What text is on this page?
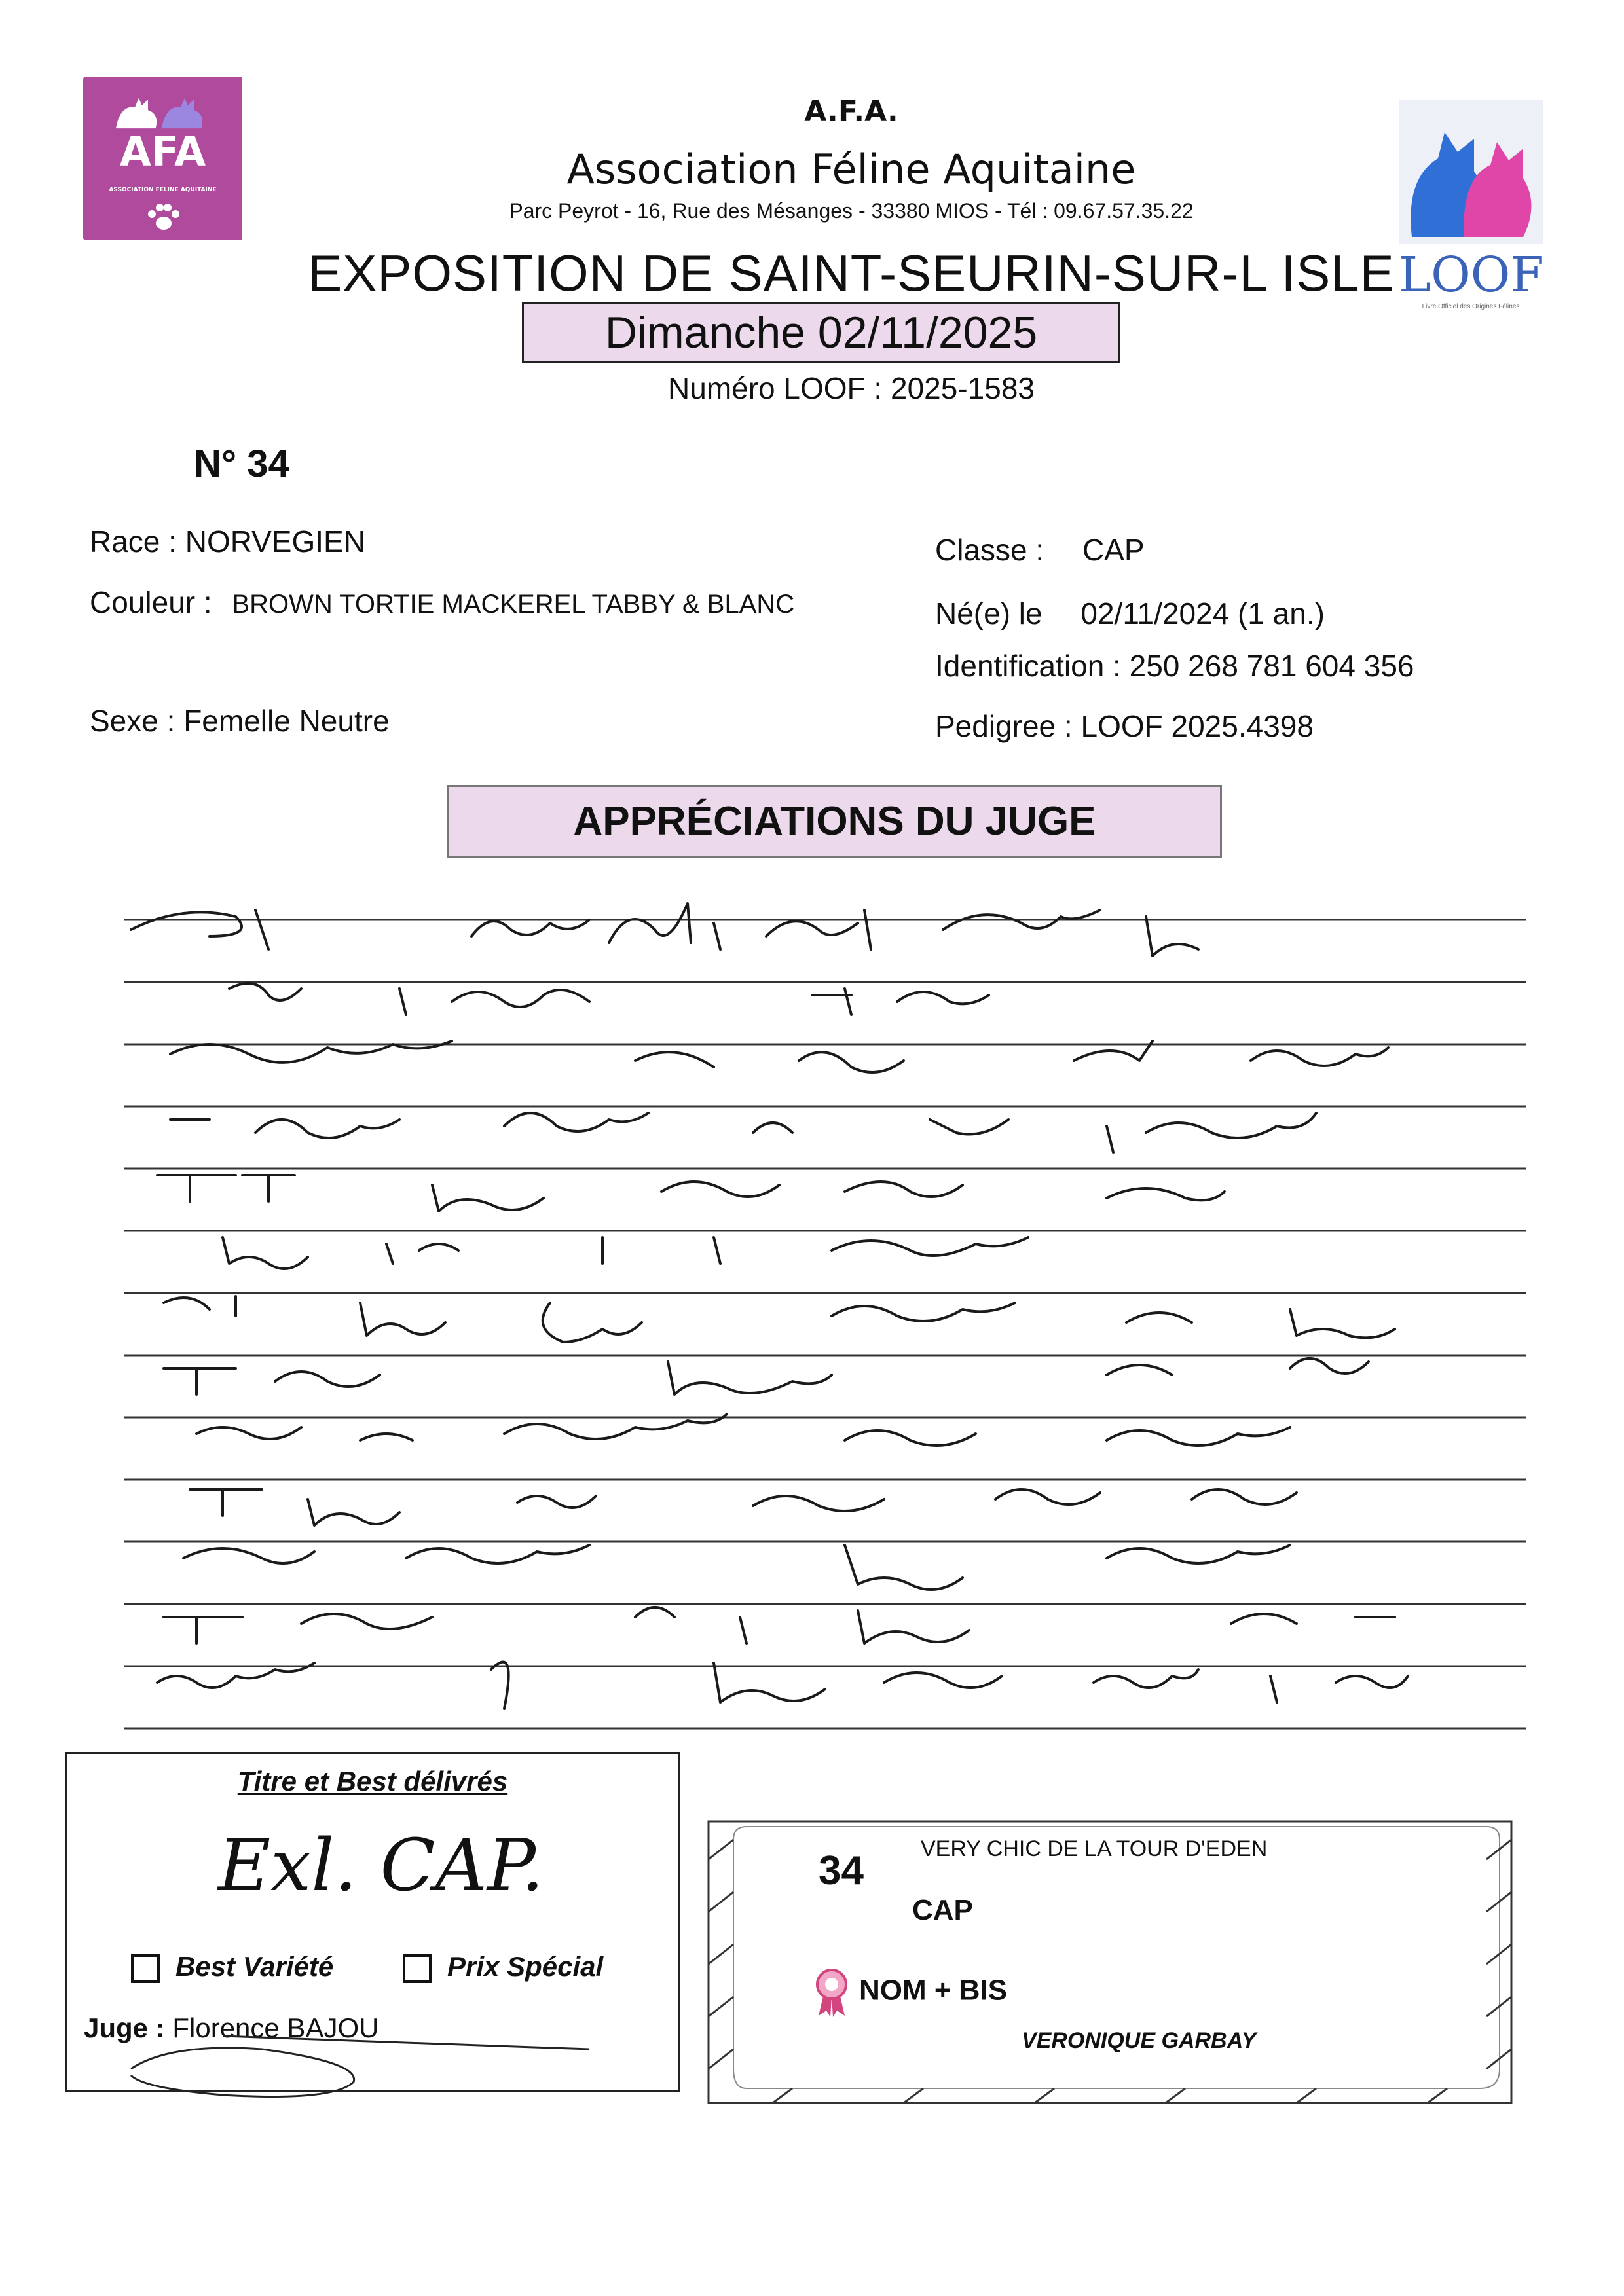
AFA
ASSOCIATION FELINE AQUITAINE
LOOF
Livre Officiel des Origines Félines
A.F.A.
Association Féline Aquitaine
Parc Peyrot - 16, Rue des Mésanges - 33380 MIOS - Tél : 09.67.57.35.22
EXPOSITION DE SAINT-SEURIN-SUR-L ISLE
Dimanche 02/11/2025
Numéro LOOF : 2025-1583
N° 34
Race : NORVEGIEN
Couleur : BROWN TORTIE MACKEREL TABBY & BLANC
Sexe : Femelle Neutre
Classe : CAP
Né(e) le 02/11/2024 (1 an.)
Identification : 250 268 781 604 356
Pedigree : LOOF 2025.4398
APPRÉCIATIONS DU JUGE
Titre et Best délivrés
Exl. CAP.
Best Variété	Prix Spécial
Juge : Florence BAJOU
34	VERY CHIC DE LA TOUR D'EDEN
CAP
NOM + BIS
VERONIQUE GARBAY
